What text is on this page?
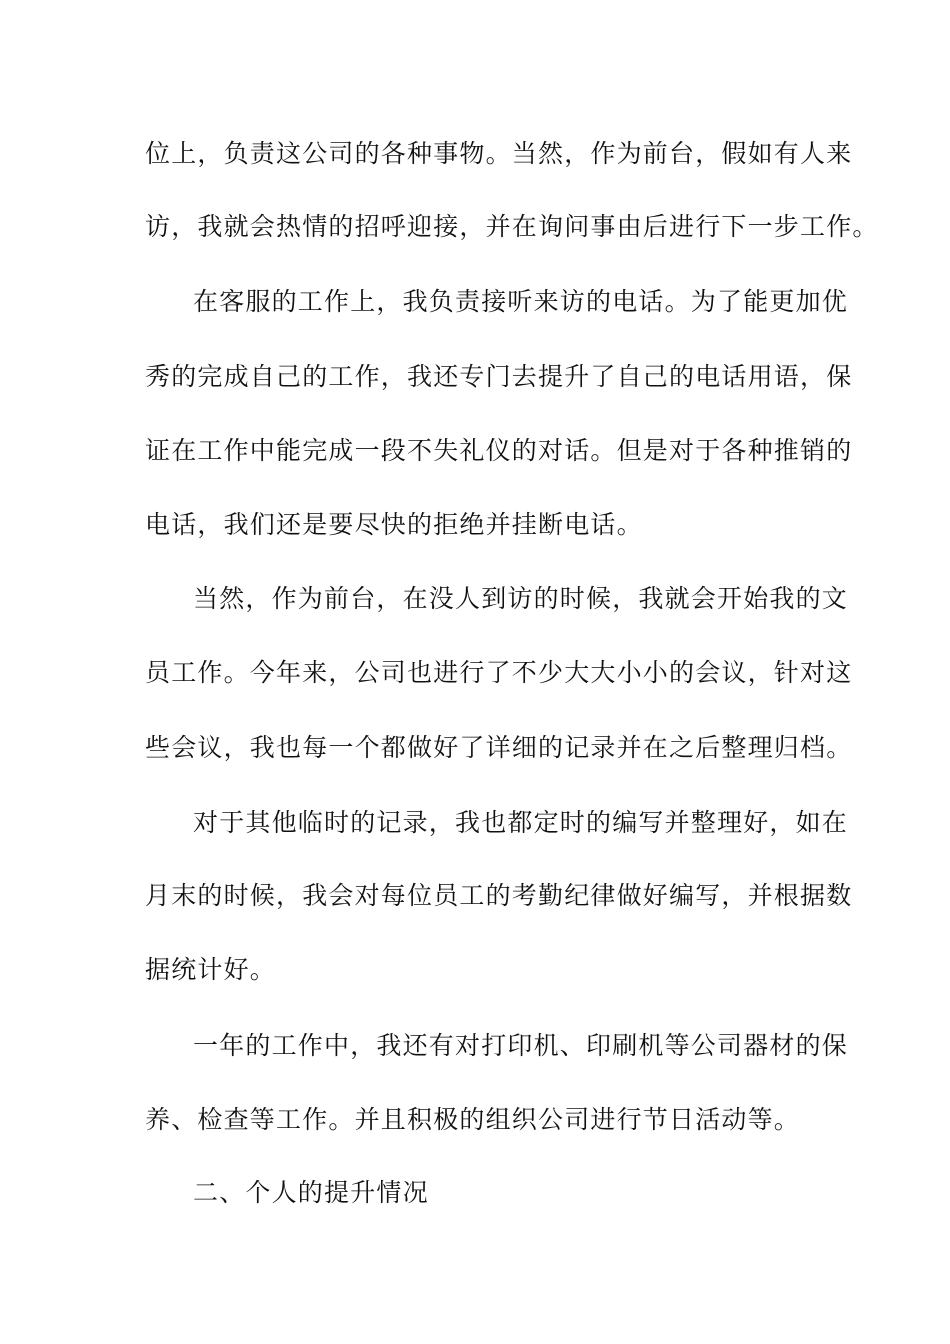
位上，负责这公司的各种事物。当然，作为前台，假如有人来
访，我就会热情的招呼迎接，并在询问事由后进行下一步工作。
在客服的工作上，我负责接听来访的电话。为了能更加优
秀的完成自己的工作，我还专门去提升了自己的电话用语，保
证在工作中能完成一段不失礼仪的对话。但是对于各种推销的
电话，我们还是要尽快的拒绝并挂断电话。
当然，作为前台，在没人到访的时候，我就会开始我的文
员工作。今年来，公司也进行了不少大大小小的会议，针对这
些会议，我也每一个都做好了详细的记录并在之后整理归档。
对于其他临时的记录，我也都定时的编写并整理好，如在
月末的时候，我会对每位员工的考勤纪律做好编写，并根据数
据统计好。
一年的工作中，我还有对打印机、印刷机等公司器材的保
养、检查等工作。并且积极的组织公司进行节日活动等。
二、个人的提升情况
